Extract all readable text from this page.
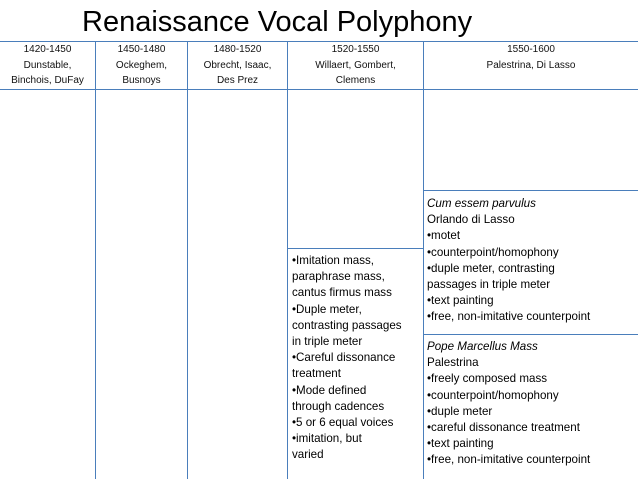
Renaissance Vocal Polyphony
1420-1450
Dunstable,
Binchois, DuFay
1450-1480
Ockeghem,
Busnoys
1480-1520
Obrecht, Isaac,
Des Prez
1520-1550
Willaert, Gombert,
Clemens
1550-1600
Palestrina, Di Lasso
•Imitation mass,
paraphrase mass,
cantus firmus mass
•Duple meter,
contrasting passages
in triple meter
•Careful dissonance
treatment
•Mode defined
through cadences
•5 or 6 equal voices
•imitation, but
varied
Cum essem parvulus
Orlando di Lasso
•motet
•counterpoint/homophony
•duple meter, contrasting
passages in triple meter
•text painting
•free, non-imitative counterpoint
Pope Marcellus Mass
Palestrina
•freely composed mass
•counterpoint/homophony
•duple meter
•careful dissonance treatment
•text painting
•free, non-imitative counterpoint
